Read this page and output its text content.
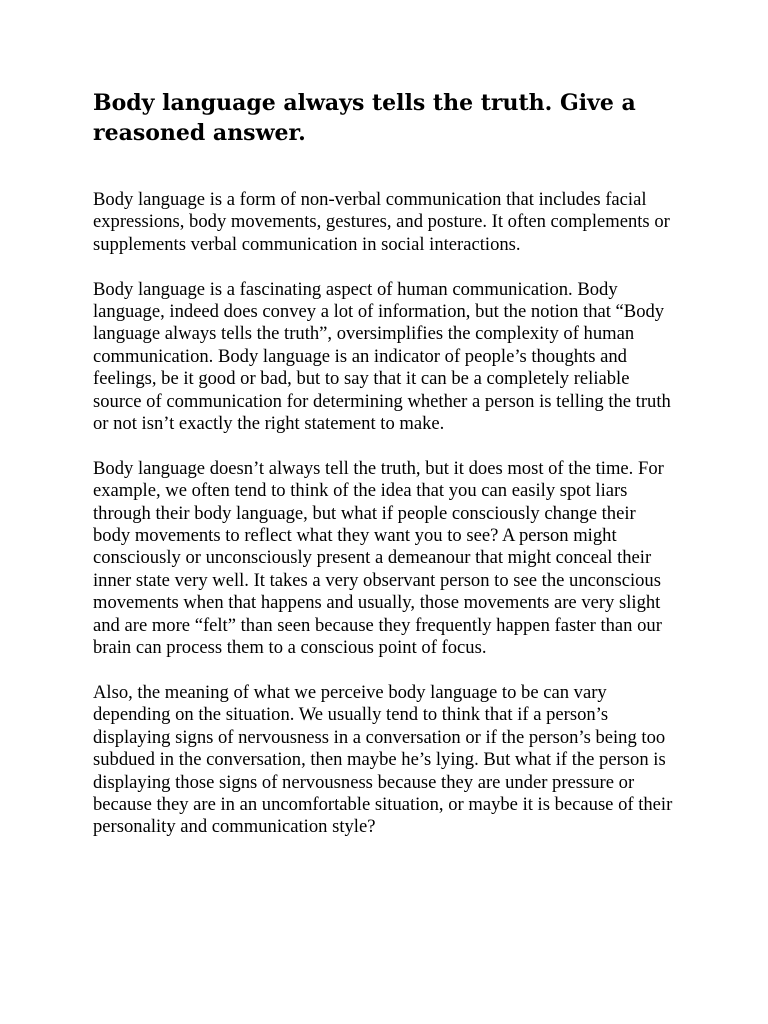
Body language always tells the truth. Give a reasoned answer.

Body language is a form of non-verbal communication that includes facial expressions, body movements, gestures, and posture. It often complements or supplements verbal communication in social interactions.

Body language is a fascinating aspect of human communication. Body language, indeed does convey a lot of information, but the notion that “Body language always tells the truth”, oversimplifies the complexity of human communication. Body language is an indicator of people’s thoughts and feelings, be it good or bad, but to say that it can be a completely reliable source of communication for determining whether a person is telling the truth or not isn’t exactly the right statement to make.

Body language doesn’t always tell the truth, but it does most of the time. For example, we often tend to think of the idea that you can easily spot liars through their body language, but what if people consciously change their body movements to reflect what they want you to see? A person might consciously or unconsciously present a demeanour that might conceal their inner state very well. It takes a very observant person to see the unconscious movements when that happens and usually, those movements are very slight and are more “felt” than seen because they frequently happen faster than our brain can process them to a conscious point of focus.

Also, the meaning of what we perceive body language to be can vary depending on the situation. We usually tend to think that if a person’s displaying signs of nervousness in a conversation or if the person’s being too subdued in the conversation, then maybe he’s lying. But what if the person is displaying those signs of nervousness because they are under pressure or because they are in an uncomfortable situation, or maybe it is because of their personality and communication style?
